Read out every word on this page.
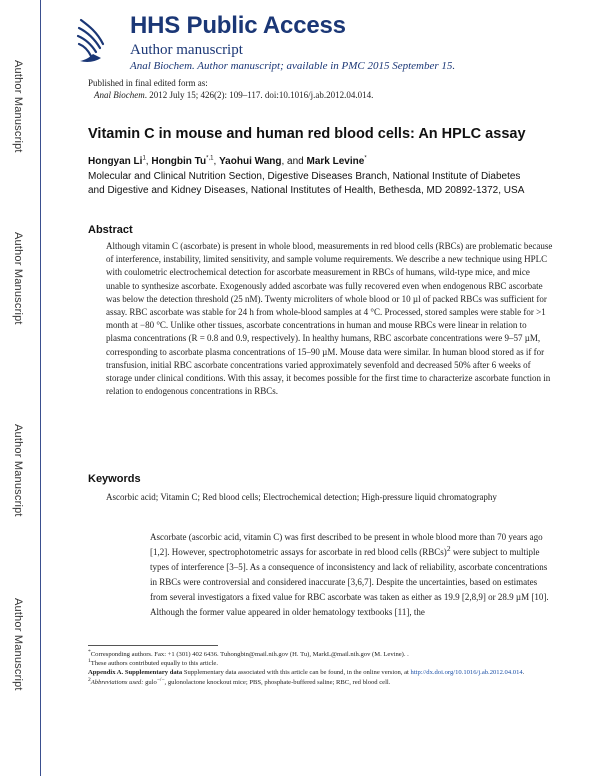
Author Manuscript
Author Manuscript
Author Manuscript
Author Manuscript
HHS Public Access
Author manuscript
Anal Biochem. Author manuscript; available in PMC 2015 September 15.
Published in final edited form as:
Anal Biochem. 2012 July 15; 426(2): 109–117. doi:10.1016/j.ab.2012.04.014.
Vitamin C in mouse and human red blood cells: An HPLC assay
Hongyan Li$^1$, Hongbin $Tu^{*,1}$, Yaohui Wang, and Mark Levine*
Molecular and Clinical Nutrition Section, Digestive Diseases Branch, National Institute of Diabetes and Digestive and Kidney Diseases, National Institutes of Health, Bethesda, MD 20892-1372, USA
Abstract
Although vitamin C (ascorbate) is present in whole blood, measurements in red blood cells (RBCs) are problematic because of interference, instability, limited sensitivity, and sample volume requirements. We describe a new technique using HPLC with coulometric electrochemical detection for ascorbate measurement in RBCs of humans, wild-type mice, and mice unable to synthesize ascorbate. Exogenously added ascorbate was fully recovered even when endogenous RBC ascorbate was below the detection threshold (25 nM). Twenty microliters of whole blood or 10 µl of packed RBCs was sufficient for assay. RBC ascorbate was stable for 24 h from whole-blood samples at 4 °C. Processed, stored samples were stable for >1 month at −80 °C. Unlike other tissues, ascorbate concentrations in human and mouse RBCs were linear in relation to plasma concentrations (R = 0.8 and 0.9, respectively). In healthy humans, RBC ascorbate concentrations were 9–57 µM, corresponding to ascorbate plasma concentrations of 15–90 µM. Mouse data were similar. In human blood stored as if for transfusion, initial RBC ascorbate concentrations varied approximately sevenfold and decreased 50% after 6 weeks of storage under clinical conditions. With this assay, it becomes possible for the first time to characterize ascorbate function in relation to endogenous concentrations in RBCs.
Keywords
Ascorbic acid; Vitamin C; Red blood cells; Electrochemical detection; High-pressure liquid chromatography
Ascorbate (ascorbic acid, vitamin C) was first described to be present in whole blood more than 70 years ago [1,2]. However, spectrophotometric assays for ascorbate in red blood cells (RBCs)$^2$ were subject to multiple types of interference [3–5]. As a consequence of inconsistency and lack of reliability, ascorbate concentrations in RBCs were controversial and considered inaccurate [3,6,7]. Despite the uncertainties, based on estimates from several investigators a fixed value for RBC ascorbate was taken as either as 19.9 [2,8,9] or 28.9 µM [10]. Although the former value appeared in older hematology textbooks [11], the
*Corresponding authors. Fax: +1 (301) 402 6436. Tuhongbin@mail.nih.gov (H. Tu), MarkL@mail.nih.gov (M. Levine). .
$^1$These authors contributed equally to this article.
Appendix A. Supplementary data Supplementary data associated with this article can be found, in the online version, at http://dx.doi.org/10.1016/j.ab.2012.04.014.
$^2$Abbreviations used: gulo−/−, gulonolactone knockout mice; PBS, phosphate-buffered saline; RBC, red blood cell.
